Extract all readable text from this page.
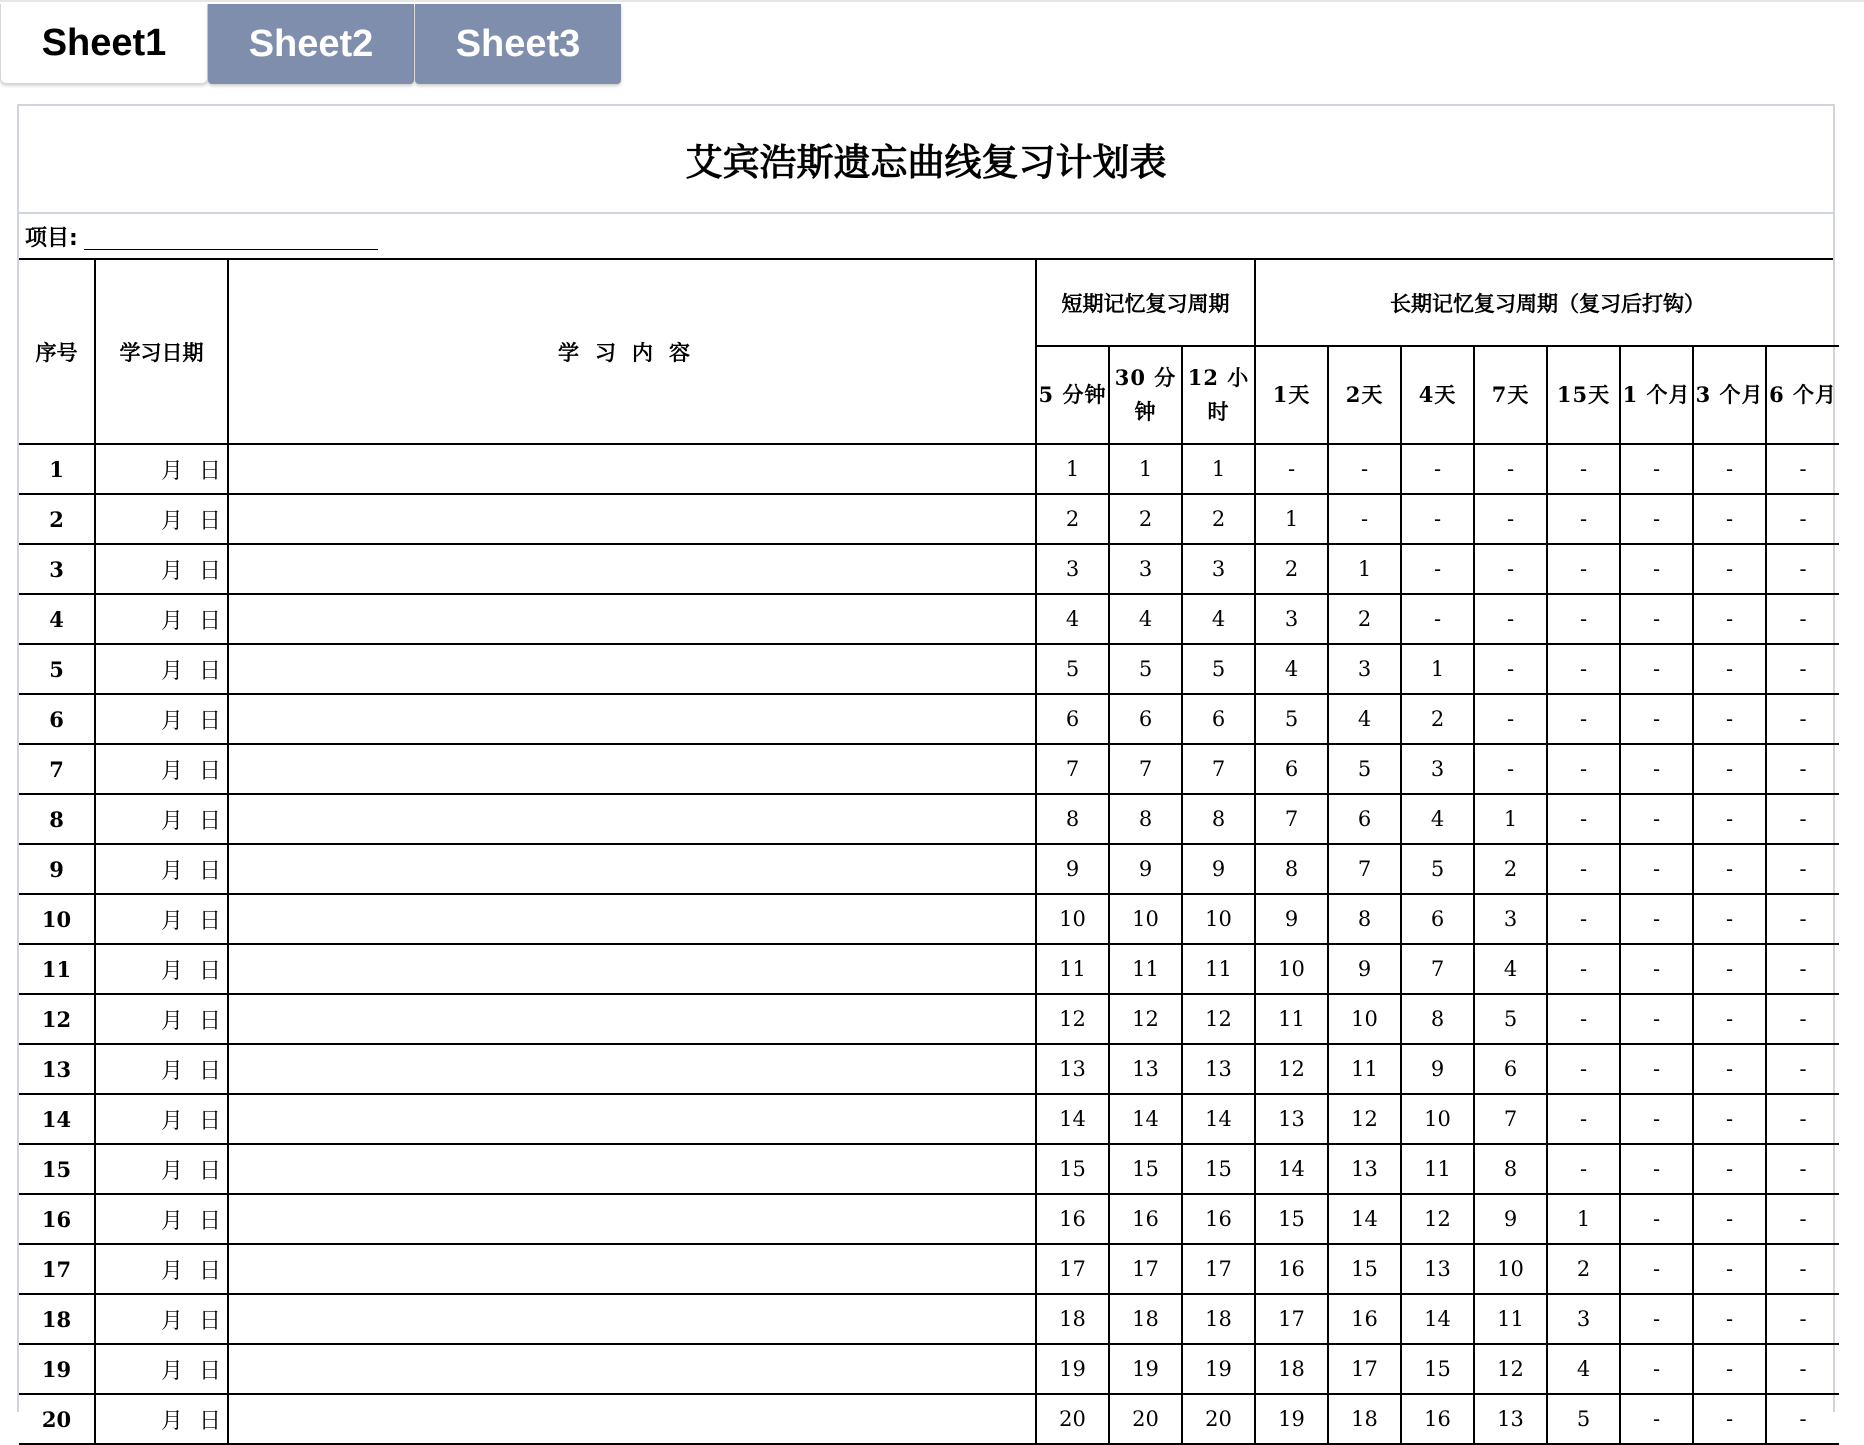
Sheet1	Sheet2	Sheet3
艾宾浩斯遗忘曲线复习计划表
项目:
序号	学习日期	学习内容	短期记忆复习周期			长期记忆复习周期（复习后打钩）							
			5 分钟	30 分钟	12 小时	1天	2天	4天	7天	15天	1 个月	3 个月	6 个月
1	月 日		1	1	1	-	-	-	-	-	-	-	-
2	月 日		2	2	2	1	-	-	-	-	-	-	-
3	月 日		3	3	3	2	1	-	-	-	-	-	-
4	月 日		4	4	4	3	2	-	-	-	-	-	-
5	月 日		5	5	5	4	3	1	-	-	-	-	-
6	月 日		6	6	6	5	4	2	-	-	-	-	-
7	月 日		7	7	7	6	5	3	-	-	-	-	-
8	月 日		8	8	8	7	6	4	1	-	-	-	-
9	月 日		9	9	9	8	7	5	2	-	-	-	-
10	月 日		10	10	10	9	8	6	3	-	-	-	-
11	月 日		11	11	11	10	9	7	4	-	-	-	-
12	月 日		12	12	12	11	10	8	5	-	-	-	-
13	月 日		13	13	13	12	11	9	6	-	-	-	-
14	月 日		14	14	14	13	12	10	7	-	-	-	-
15	月 日		15	15	15	14	13	11	8	-	-	-	-
16	月 日		16	16	16	15	14	12	9	1	-	-	-
17	月 日		17	17	17	16	15	13	10	2	-	-	-
18	月 日		18	18	18	17	16	14	11	3	-	-	-
19	月 日		19	19	19	18	17	15	12	4	-	-	-
20	月 日		20	20	20	19	18	16	13	5	-	-	-
